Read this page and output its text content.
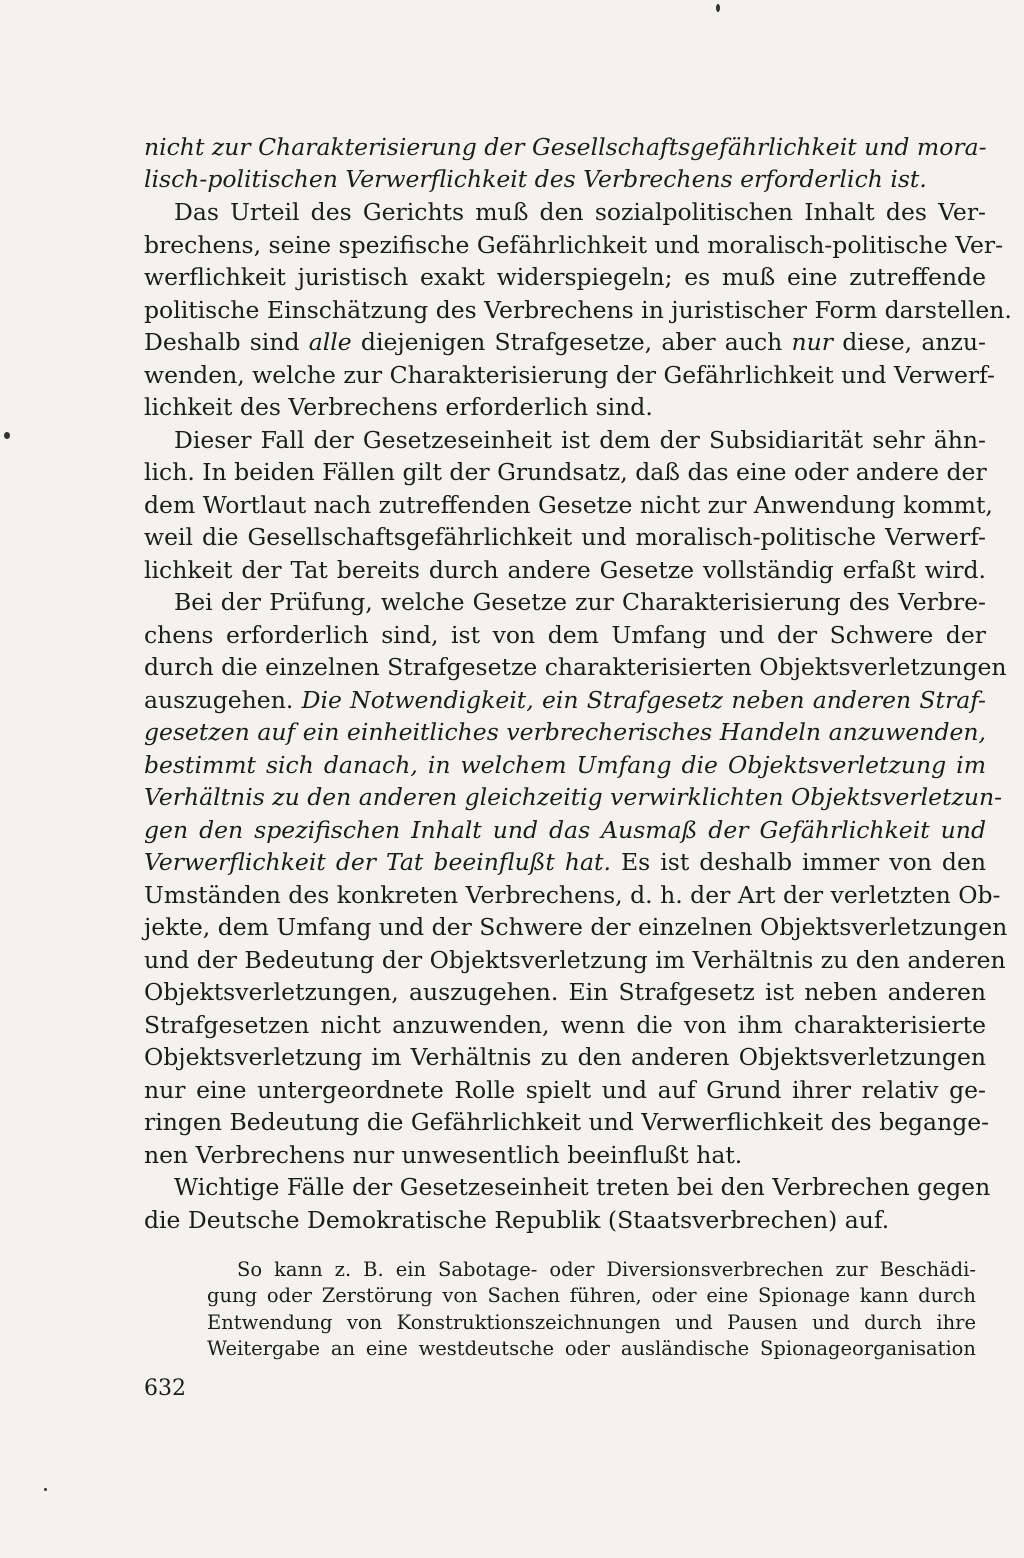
nicht zur Charakterisierung der Gesellschaftsgefährlichkeit und mora-

lisch-politischen Verwerflichkeit des Verbrechens erforderlich ist.

Das Urteil des Gerichts muß den sozialpolitischen Inhalt des Ver-

brechens, seine spezifische Gefährlichkeit und moralisch-politische Ver-

werflichkeit juristisch exakt widerspiegeln; es muß eine zutreffende

politische Einschätzung des Verbrechens in juristischer Form darstellen.

Deshalb sind alle diejenigen Strafgesetze, aber auch nur diese, anzu-

wenden, welche zur Charakterisierung der Gefährlichkeit und Verwerf-

lichkeit des Verbrechens erforderlich sind.

Dieser Fall der Gesetzeseinheit ist dem der Subsidiarität sehr ähn-

lich. In beiden Fällen gilt der Grundsatz, daß das eine oder andere der

dem Wortlaut nach zutreffenden Gesetze nicht zur Anwendung kommt,

weil die Gesellschaftsgefährlichkeit und moralisch-politische Verwerf-

lichkeit der Tat bereits durch andere Gesetze vollständig erfaßt wird.

Bei der Prüfung, welche Gesetze zur Charakterisierung des Verbre-

chens erforderlich sind, ist von dem Umfang und der Schwere der

durch die einzelnen Strafgesetze charakterisierten Objektsverletzungen

auszugehen. Die Notwendigkeit, ein Strafgesetz neben anderen Straf-

gesetzen auf ein einheitliches verbrecherisches Handeln anzuwenden,

bestimmt sich danach, in welchem Umfang die Objektsverletzung im

Verhältnis zu den anderen gleichzeitig verwirklichten Objektsverletzun-

gen den spezifischen Inhalt und das Ausmaß der Gefährlichkeit und

Verwerflichkeit der Tat beeinflußt hat. Es ist deshalb immer von den

Umständen des konkreten Verbrechens, d. h. der Art der verletzten Ob-

jekte, dem Umfang und der Schwere der einzelnen Objektsverletzungen

und der Bedeutung der Objektsverletzung im Verhältnis zu den anderen

Objektsverletzungen, auszugehen. Ein Strafgesetz ist neben anderen

Strafgesetzen nicht anzuwenden, wenn die von ihm charakterisierte

Objektsverletzung im Verhältnis zu den anderen Objektsverletzungen

nur eine untergeordnete Rolle spielt und auf Grund ihrer relativ ge-

ringen Bedeutung die Gefährlichkeit und Verwerflichkeit des begange-

nen Verbrechens nur unwesentlich beeinflußt hat.

Wichtige Fälle der Gesetzeseinheit treten bei den Verbrechen gegen

die Deutsche Demokratische Republik (Staatsverbrechen) auf.

So kann z. B. ein Sabotage- oder Diversionsverbrechen zur Beschädi-

gung oder Zerstörung von Sachen führen, oder eine Spionage kann durch

Entwendung von Konstruktionszeichnungen und Pausen und durch ihre

Weitergabe an eine westdeutsche oder ausländische Spionageorganisation

632
